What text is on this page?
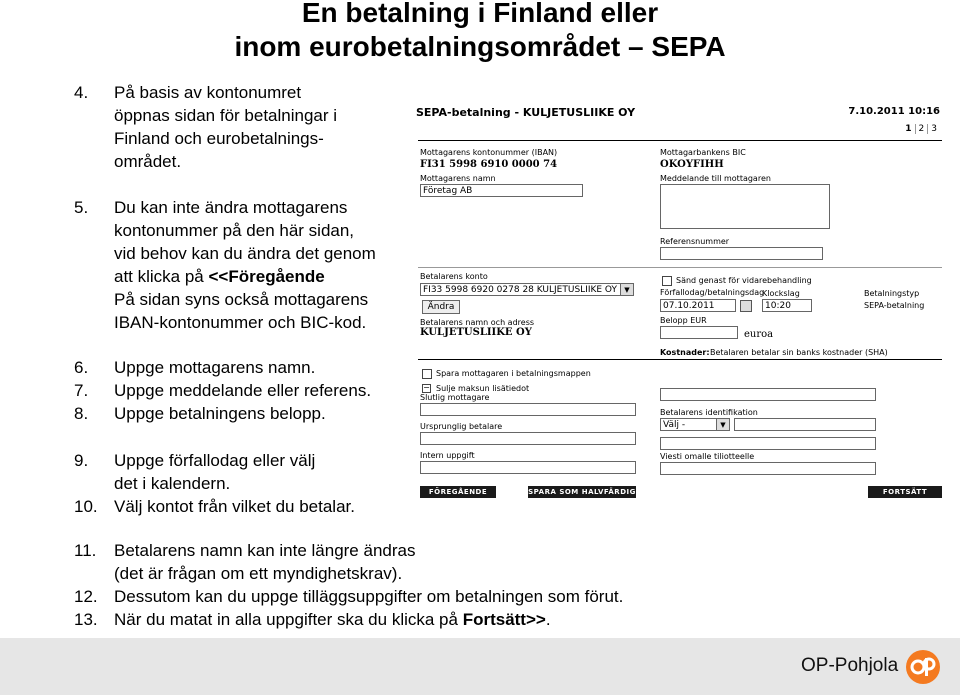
En betalning i Finland eller
inom eurobetalningsområdet – SEPA
4.	På basis av kontonumret
öppnas sidan för betalningar i
Finland och eurobetalnings-
området.
5.	Du kan inte ändra mottagarens
kontonummer på den här sidan,
vid behov kan du ändra det genom
att klicka på <<Föregående
På sidan syns också mottagarens
IBAN-kontonummer och BIC-kod.
6.	Uppge mottagarens namn.
7.	Uppge meddelande eller referens.
8.	Uppge betalningens belopp.
9.	Uppge förfallodag eller välj
det i kalendern.
10. Välj kontot från vilket du betalar.
11.	Betalarens namn kan inte längre ändras
(det är frågan om ett myndighetskrav).
12. Dessutom kan du uppge tilläggsuppgifter om betalningen som förut.
13. När du matat in alla uppgifter ska du klicka på Fortsätt>>.
SEPA-betalning - KULJETUSLIIKE OY	7.10.2011 10:16
1 2 3
Mottagarens kontonummer (IBAN)
FI31 5998 6910 0000 74
Mottagarens namn
Företag AB
Mottagarbankens BIC
OKOYFIHH
Meddelande till mottagaren
Referensnummer
Betalarens konto
FI33 5998 6920 0278 28 KULJETUSLIIKE OY	▼
Ändra
Betalarens namn och adress
KULJETUSLIIKE OY
Sänd genast för vidarebehandling
Förfallodag/betalningsdag
07.10.2011
Klockslag
10:20
Betalningstyp
SEPA-betalning
Belopp EUR
euroa
Kostnader: Betalaren betalar sin banks kostnader (SHA)
Spara mottagaren i betalningsmappen
− Sulje maksun lisätiedot
Slutlig mottagare
Ursprunglig betalare
Intern uppgift
Betalarens identifikation
Välj -	▼
Viesti omalle tiliotteelle
FÖREGÅENDE	SPARA SOM HALVFÄRDIG	FORTSÄTT
OP-Pohjola
